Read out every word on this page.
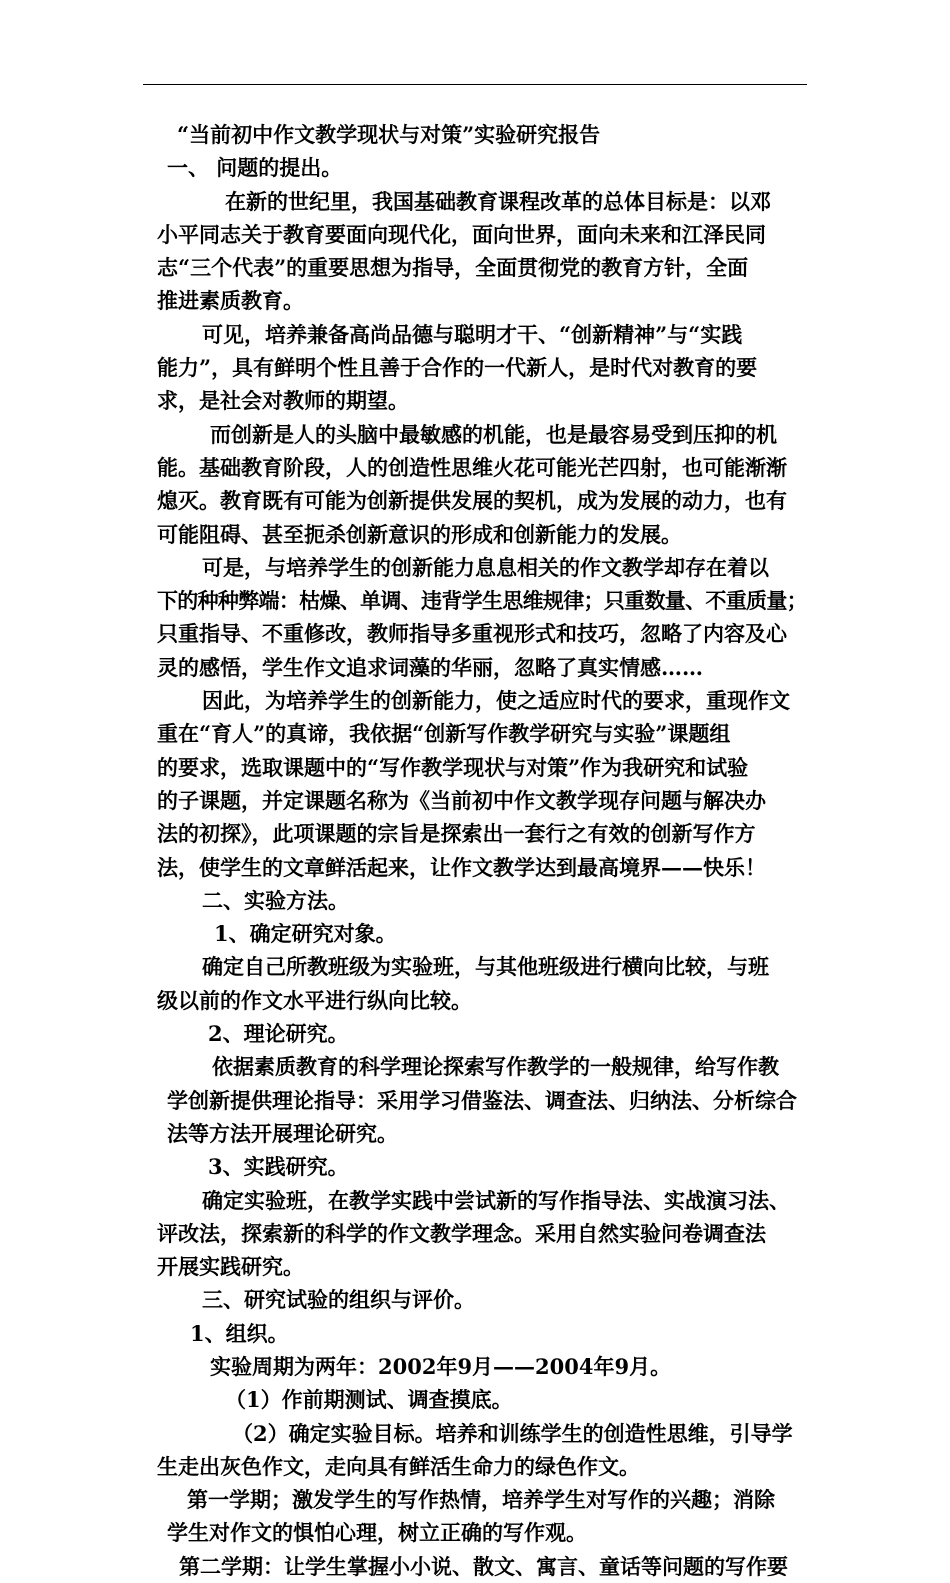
“当前初中作文教学现状与对策”实验研究报告
一、 问题的提出。
在新的世纪里，我国基础教育课程改革的总体目标是：以邓
小平同志关于教育要面向现代化，面向世界，面向未来和江泽民同
志“三个代表”的重要思想为指导，全面贯彻党的教育方针，全面
推进素质教育。
可见，培养兼备高尚品德与聪明才干、“创新精神”与“实践
能力”，具有鲜明个性且善于合作的一代新人，是时代对教育的要
求，是社会对教师的期望。
而创新是人的头脑中最敏感的机能，也是最容易受到压抑的机
能。基础教育阶段，人的创造性思维火花可能光芒四射，也可能渐渐
熄灭。教育既有可能为创新提供发展的契机，成为发展的动力，也有
可能阻碍、甚至扼杀创新意识的形成和创新能力的发展。
可是，与培养学生的创新能力息息相关的作文教学却存在着以
下的种种弊端：枯燥、单调、违背学生思维规律；只重数量、不重质量；
只重指导、不重修改，教师指导多重视形式和技巧，忽略了内容及心
灵的感悟，学生作文追求词藻的华丽，忽略了真实情感……
因此，为培养学生的创新能力，使之适应时代的要求，重现作文
重在“育人”的真谛，我依据“创新写作教学研究与实验”课题组
的要求，选取课题中的“写作教学现状与对策”作为我研究和试验
的子课题，并定课题名称为《当前初中作文教学现存问题与解决办
法的初探》，此项课题的宗旨是探索出一套行之有效的创新写作方
法，使学生的文章鲜活起来，让作文教学达到最高境界——快乐！
二、实验方法。
1、确定研究对象。
确定自己所教班级为实验班，与其他班级进行横向比较，与班
级以前的作文水平进行纵向比较。
2、理论研究。
依据素质教育的科学理论探索写作教学的一般规律，给写作教
学创新提供理论指导：采用学习借鉴法、调查法、归纳法、分析综合
法等方法开展理论研究。
3、实践研究。
确定实验班，在教学实践中尝试新的写作指导法、实战演习法、
评改法，探索新的科学的作文教学理念。采用自然实验问卷调查法
开展实践研究。
三、研究试验的组织与评价。
1、组织。
实验周期为两年：2002年9月——2004年9月。
（1）作前期测试、调查摸底。
（2）确定实验目标。培养和训练学生的创造性思维，引导学
生走出灰色作文，走向具有鲜活生命力的绿色作文。
第一学期；激发学生的写作热情，培养学生对写作的兴趣；消除
学生对作文的惧怕心理，树立正确的写作观。
第二学期：让学生掌握小小说、散文、寓言、童话等问题的写作要
